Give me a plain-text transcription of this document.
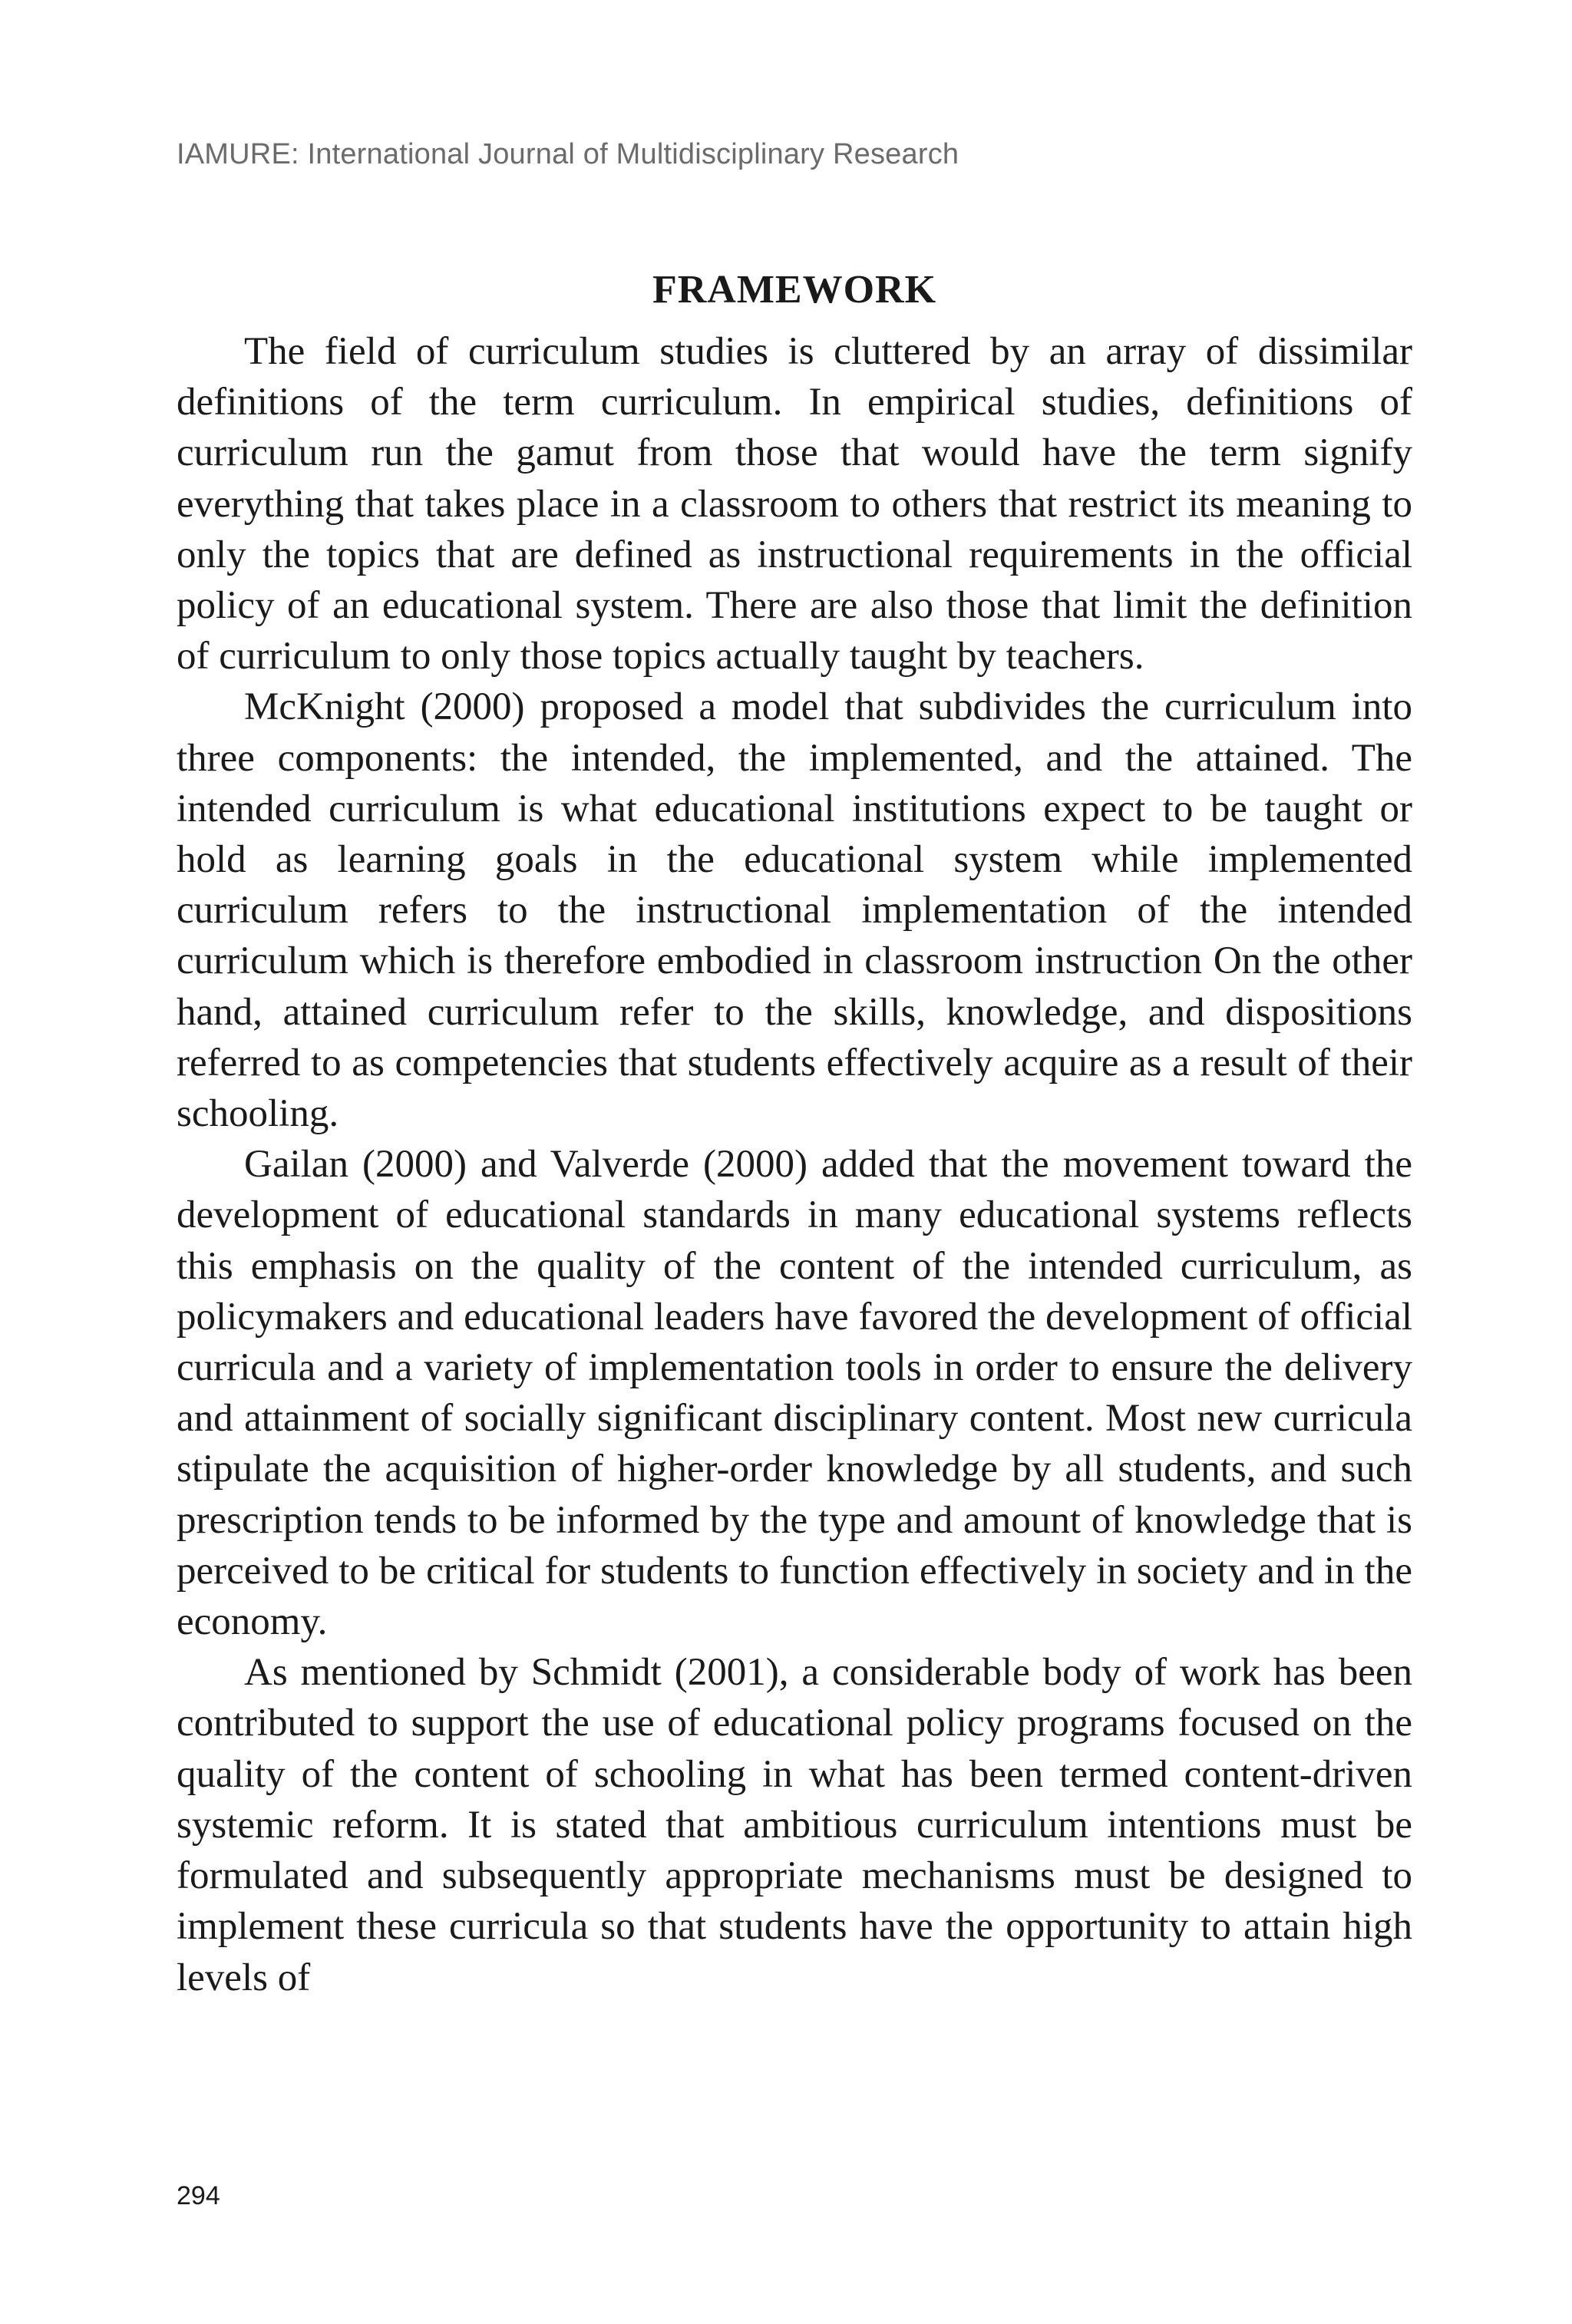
IAMURE: International Journal of Multidisciplinary Research
FRAMEWORK

The field of curriculum studies is cluttered by an array of dissimilar definitions of the term curriculum. In empirical studies, definitions of curriculum run the gamut from those that would have the term signify everything that takes place in a classroom to others that restrict its meaning to only the topics that are defined as instructional requirements in the official policy of an educational system. There are also those that limit the definition of curriculum to only those topics actually taught by teachers.

McKnight (2000) proposed a model that subdivides the curriculum into three components: the intended, the implemented, and the attained. The intended curriculum is what educational institutions expect to be taught or hold as learning goals in the educational system while implemented curriculum refers to the instructional implementation of the intended curriculum which is therefore embodied in classroom instruction On the other hand, attained curriculum refer to the skills, knowledge, and dispositions referred to as competencies that students effectively acquire as a result of their schooling.

Gailan (2000) and Valverde (2000) added that the movement toward the development of educational standards in many educational systems reflects this emphasis on the quality of the content of the intended curriculum, as policymakers and educational leaders have favored the development of official curricula and a variety of implementation tools in order to ensure the delivery and attainment of socially significant disciplinary content. Most new curricula stipulate the acquisition of higher-order knowledge by all students, and such prescription tends to be informed by the type and amount of knowledge that is perceived to be critical for students to function effectively in society and in the economy.

As mentioned by Schmidt (2001), a considerable body of work has been contributed to support the use of educational policy programs focused on the quality of the content of schooling in what has been termed content-driven systemic reform. It is stated that ambitious curriculum intentions must be formulated and subsequently appropriate mechanisms must be designed to implement these curricula so that students have the opportunity to attain high levels of

294
